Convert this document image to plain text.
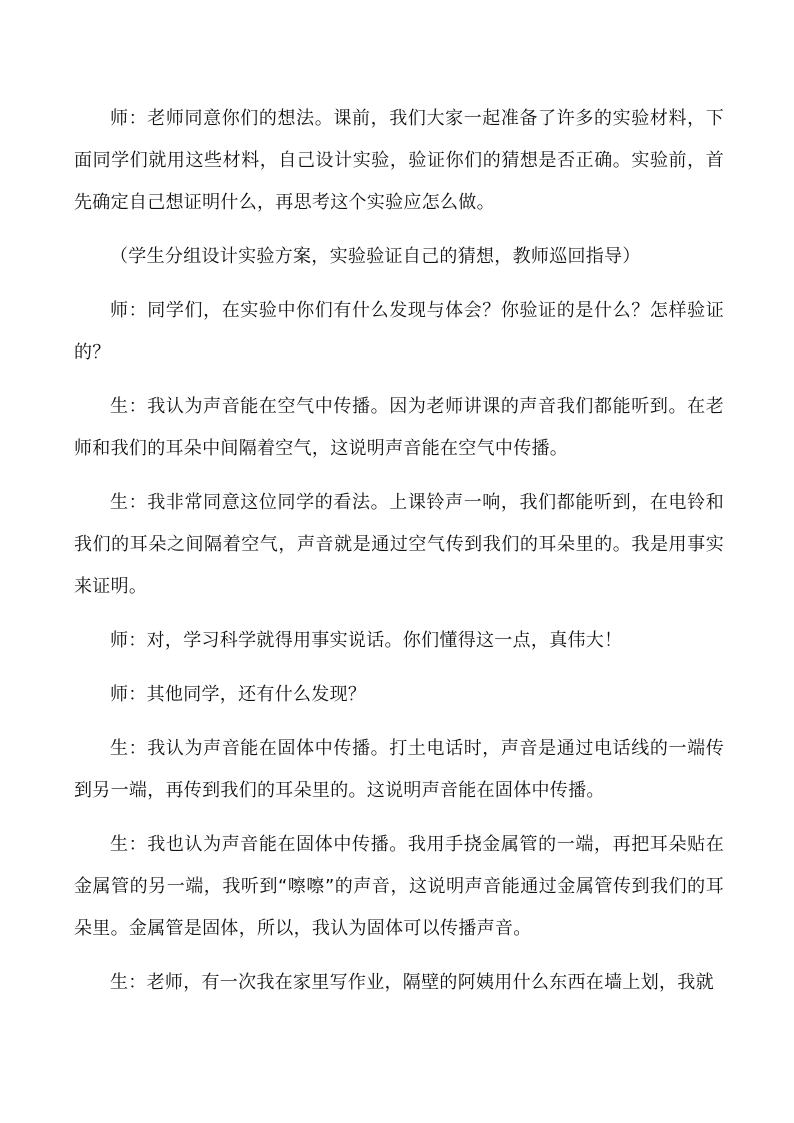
师：老师同意你们的想法。课前，我们大家一起准备了许多的实验材料，下面同学们就用这些材料，自己设计实验，验证你们的猜想是否正确。实验前，首先确定自己想证明什么，再思考这个实验应怎么做。

（学生分组设计实验方案，实验验证自己的猜想，教师巡回指导）

师：同学们，在实验中你们有什么发现与体会？你验证的是什么？怎样验证的？

生：我认为声音能在空气中传播。因为老师讲课的声音我们都能听到。在老师和我们的耳朵中间隔着空气，这说明声音能在空气中传播。

生：我非常同意这位同学的看法。上课铃声一响，我们都能听到，在电铃和我们的耳朵之间隔着空气，声音就是通过空气传到我们的耳朵里的。我是用事实来证明。

师：对，学习科学就得用事实说话。你们懂得这一点，真伟大！

师：其他同学，还有什么发现？

生：我认为声音能在固体中传播。打土电话时，声音是通过电话线的一端传到另一端，再传到我们的耳朵里的。这说明声音能在固体中传播。

生：我也认为声音能在固体中传播。我用手挠金属管的一端，再把耳朵贴在金属管的另一端，我听到“嚓嚓”的声音，这说明声音能通过金属管传到我们的耳朵里。金属管是固体，所以，我认为固体可以传播声音。

生：老师，有一次我在家里写作业，隔壁的阿姨用什么东西在墙上划，我就
